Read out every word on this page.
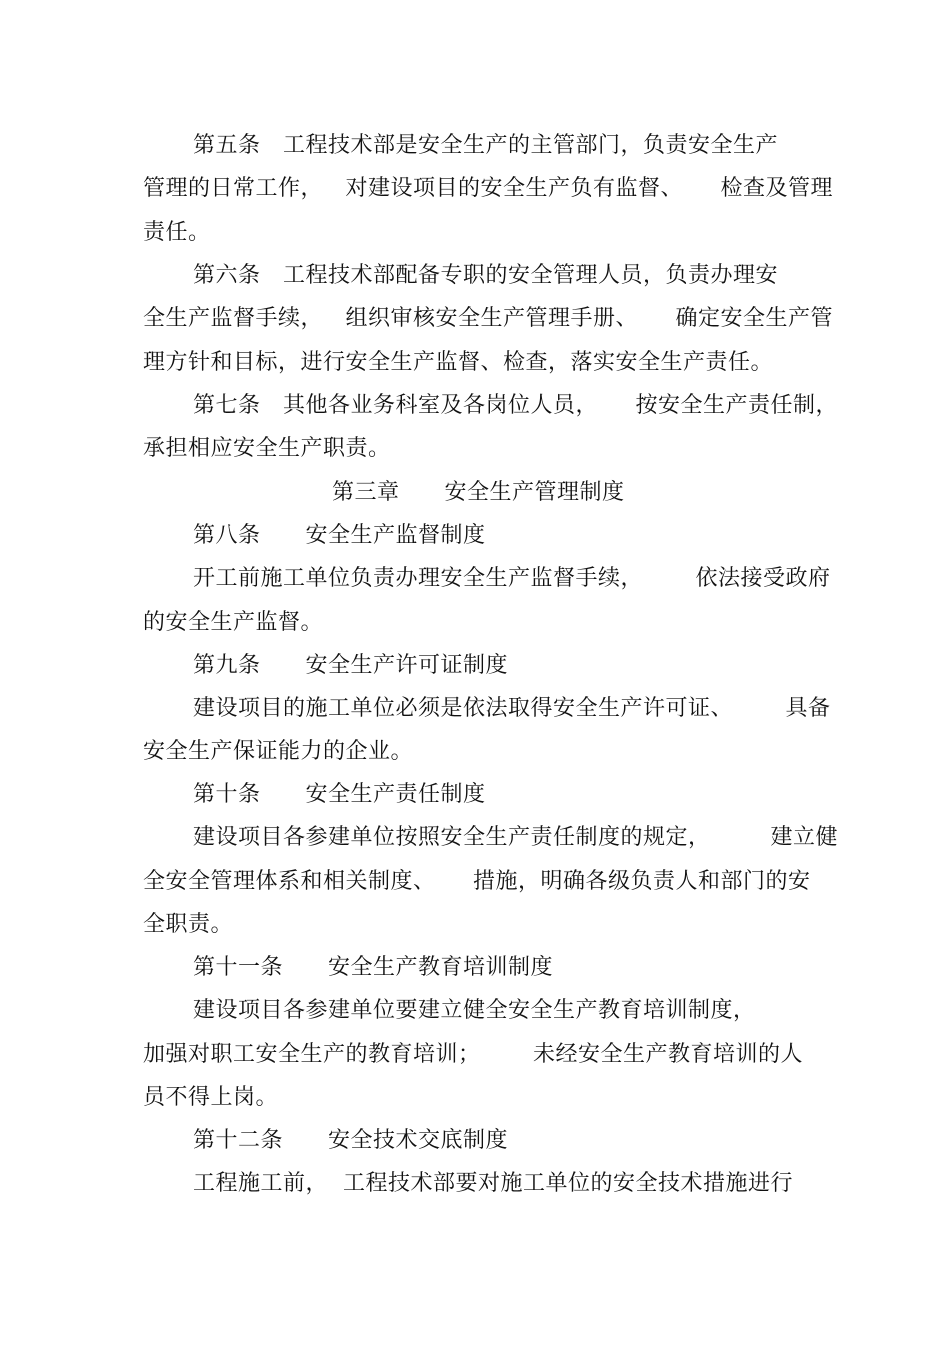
第五条   工程技术部是安全生产的主管部门，负责安全生产
管理的日常工作，   对建设项目的安全生产负有监督、     检查及管理
责任。
第六条   工程技术部配备专职的安全管理人员，负责办理安
全生产监督手续，   组织审核安全生产管理手册、     确定安全生产管
理方针和目标，进行安全生产监督、检查，落实安全生产责任。
第七条   其他各业务科室及各岗位人员，     按安全生产责任制，
承担相应安全生产职责。
第三章      安全生产管理制度
第八条      安全生产监督制度
开工前施工单位负责办理安全生产监督手续，       依法接受政府
的安全生产监督。
第九条      安全生产许可证制度
建设项目的施工单位必须是依法取得安全生产许可证、       具备
安全生产保证能力的企业。
第十条      安全生产责任制度
建设项目各参建单位按照安全生产责任制度的规定，        建立健
全安全管理体系和相关制度、     措施，明确各级负责人和部门的安
全职责。
第十一条      安全生产教育培训制度
建设项目各参建单位要建立健全安全生产教育培训制度，
加强对职工安全生产的教育培训；       未经安全生产教育培训的人
员不得上岗。
第十二条      安全技术交底制度
工程施工前，  工程技术部要对施工单位的安全技术措施进行
